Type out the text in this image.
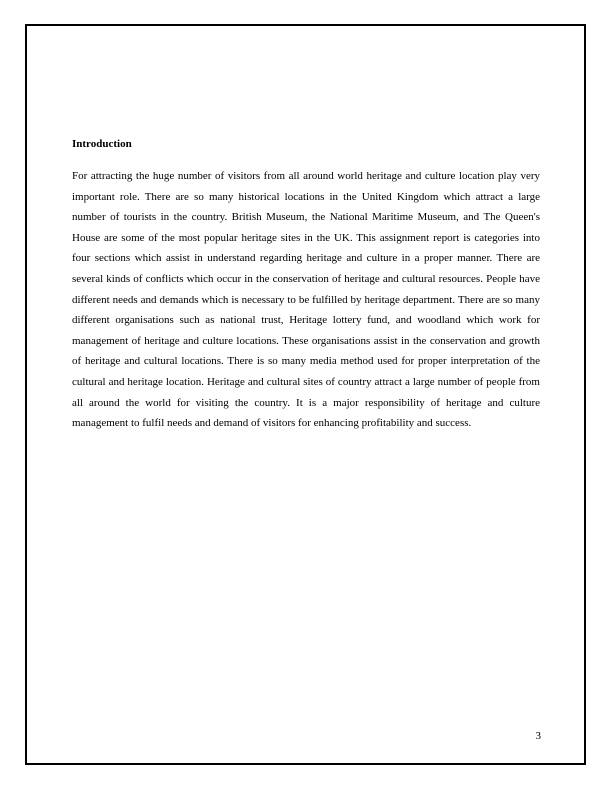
Introduction

For attracting the huge number of visitors from all around world heritage and culture location play very important role. There are so many historical locations in the United Kingdom which attract a large number of tourists in the country. British Museum, the National Maritime Museum, and The Queen's House are some of the most popular heritage sites in the UK. This assignment report is categories into four sections which assist in understand regarding heritage and culture in a proper manner. There are several kinds of conflicts which occur in the conservation of heritage and cultural resources. People have different needs and demands which is necessary to be fulfilled by heritage department. There are so many different organisations such as national trust, Heritage lottery fund, and woodland which work for management of heritage and culture locations. These organisations assist in the conservation and growth of heritage and cultural locations. There is so many media method used for proper interpretation of the cultural and heritage location. Heritage and cultural sites of country attract a large number of people from all around the world for visiting the country. It is a major responsibility of heritage and culture management to fulfil needs and demand of visitors for enhancing profitability and success.

3
